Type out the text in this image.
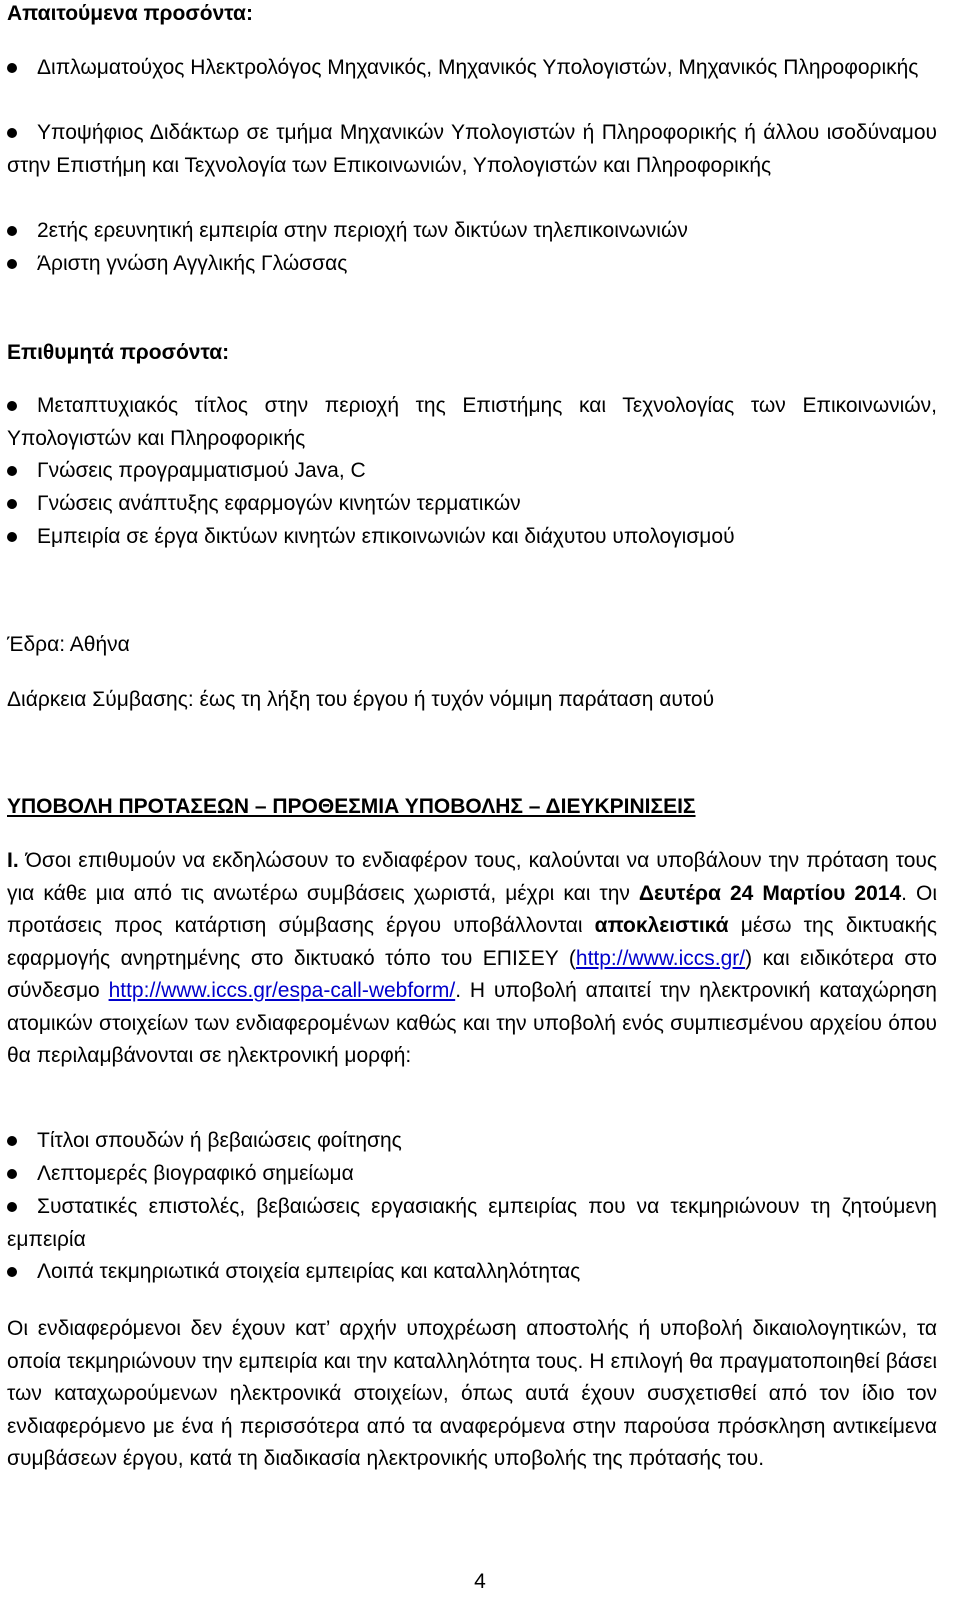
Απαιτούμενα προσόντα:

Διπλωματούχος Ηλεκτρολόγος Μηχανικός, Μηχανικός Υπολογιστών, Μηχανικός Πληροφορικής
Υποψήφιος Διδάκτωρ σε τμήμα Μηχανικών Υπολογιστών ή Πληροφορικής ή άλλου ισοδύναμου στην Επιστήμη και Τεχνολογία των Επικοινωνιών, Υπολογιστών και Πληροφορικής
2ετής ερευνητική εμπειρία στην περιοχή των δικτύων τηλεπικοινωνιών
Άριστη γνώση Αγγλικής Γλώσσας

Επιθυμητά προσόντα:

Μεταπτυχιακός τίτλος στην περιοχή της Επιστήμης και Τεχνολογίας των Επικοινωνιών, Υπολογιστών και Πληροφορικής
Γνώσεις προγραμματισμού Java, C
Γνώσεις ανάπτυξης εφαρμογών κινητών τερματικών
Εμπειρία σε έργα δικτύων κινητών επικοινωνιών και διάχυτου υπολογισμού

Έδρα: Αθήνα

Διάρκεια Σύμβασης: έως τη λήξη του έργου ή τυχόν νόμιμη παράταση αυτού

ΥΠΟΒΟΛΗ ΠΡΟΤΑΣΕΩΝ – ΠΡΟΘΕΣΜΙΑ ΥΠΟΒΟΛΗΣ – ΔΙΕΥΚΡΙΝΙΣΕΙΣ

Ι. Όσοι επιθυμούν να εκδηλώσουν το ενδιαφέρον τους, καλούνται να υποβάλουν την πρόταση τους για κάθε μια από τις ανωτέρω συμβάσεις χωριστά, μέχρι και την Δευτέρα 24 Μαρτίου 2014. Οι προτάσεις προς κατάρτιση σύμβασης έργου υποβάλλονται αποκλειστικά μέσω της δικτυακής εφαρμογής ανηρτημένης στο δικτυακό τόπο του ΕΠΙΣΕΥ (http://www.iccs.gr/) και ειδικότερα στο σύνδεσμο http://www.iccs.gr/espa-call-webform/. Η υποβολή απαιτεί την ηλεκτρονική καταχώρηση ατομικών στοιχείων των ενδιαφερομένων καθώς και την υποβολή ενός συμπιεσμένου αρχείου όπου θα περιλαμβάνονται σε ηλεκτρονική μορφή:

Τίτλοι σπουδών ή βεβαιώσεις φοίτησης
Λεπτομερές βιογραφικό σημείωμα
Συστατικές επιστολές, βεβαιώσεις εργασιακής εμπειρίας που να τεκμηριώνουν τη ζητούμενη εμπειρία
Λοιπά τεκμηριωτικά στοιχεία εμπειρίας και καταλληλότητας

Οι ενδιαφερόμενοι δεν έχουν κατ’ αρχήν υποχρέωση αποστολής ή υποβολή δικαιολογητικών, τα οποία τεκμηριώνουν την εμπειρία και την καταλληλότητα τους. Η επιλογή θα πραγματοποιηθεί βάσει των καταχωρούμενων ηλεκτρονικά στοιχείων, όπως αυτά έχουν συσχετισθεί από τον ίδιο τον ενδιαφερόμενο με ένα ή περισσότερα από τα αναφερόμενα στην παρούσα πρόσκληση αντικείμενα συμβάσεων έργου, κατά τη διαδικασία ηλεκτρονικής υποβολής της πρότασής του.

4
